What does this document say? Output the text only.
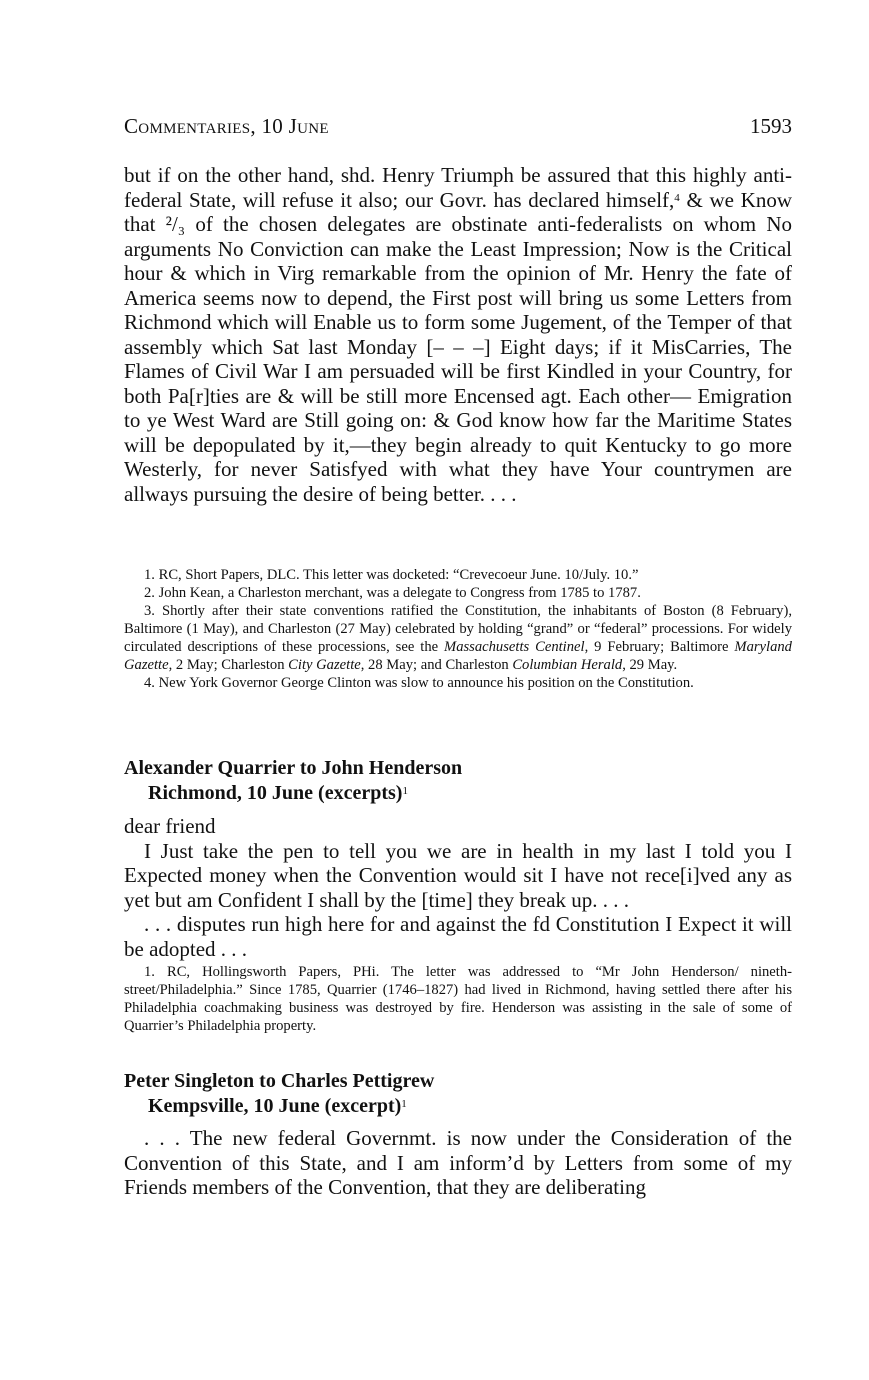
Commentaries, 10 June	1593

but if on the other hand, shd. Henry Triumph be assured that this highly anti-federal State, will refuse it also; our Govr. has declared himself,$^4$ & we Know that ²/₃ of the chosen delegates are obstinate anti-federalists on whom No arguments No Conviction can make the Least Impression; Now is the Critical hour & which in Virg remarkable from the opinion of Mr. Henry the fate of America seems now to depend, the First post will bring us some Letters from Richmond which will Enable us to form some Jugement, of the Temper of that assembly which Sat last Monday [– – –] Eight days; if it MisCarries, The Flames of Civil War I am persuaded will be first Kindled in your Country, for both Pa[r]ties are & will be still more Encensed agt. Each other— Emigration to ye West Ward are Still going on: & God know how far the Maritime States will be depopulated by it,—they begin already to quit Kentucky to go more Westerly, for never Satisfyed with what they have Your countrymen are allways pursuing the desire of being better. . . .

1. RC, Short Papers, DLC. This letter was docketed: “Crevecoeur June. 10/July. 10.”

2. John Kean, a Charleston merchant, was a delegate to Congress from 1785 to 1787.

3. Shortly after their state conventions ratified the Constitution, the inhabitants of Boston (8 February), Baltimore (1 May), and Charleston (27 May) celebrated by holding “grand” or “federal” processions. For widely circulated descriptions of these processions, see the Massachusetts Centinel, 9 February; Baltimore Maryland Gazette, 2 May; Charleston City Gazette, 28 May; and Charleston Columbian Herald, 29 May.

4. New York Governor George Clinton was slow to announce his position on the Constitution.

Alexander Quarrier to John Henderson
Richmond, 10 June (excerpts)$^1$

dear friend

I Just take the pen to tell you we are in health in my last I told you I Expected money when the Convention would sit I have not rece[i]ved any as yet but am Confident I shall by the [time] they break up. . . .

. . . disputes run high here for and against the fd Constitution I Expect it will be adopted . . .

1. RC, Hollingsworth Papers, PHi. The letter was addressed to “Mr John Henderson/ nineth-street/Philadelphia.” Since 1785, Quarrier (1746–1827) had lived in Richmond, having settled there after his Philadelphia coachmaking business was destroyed by fire. Henderson was assisting in the sale of some of Quarrier’s Philadelphia property.

Peter Singleton to Charles Pettigrew
Kempsville, 10 June (excerpt)$^1$

. . . The new federal Governmt. is now under the Consideration of the Convention of this State, and I am inform’d by Letters from some of my Friends members of the Convention, that they are deliberating
